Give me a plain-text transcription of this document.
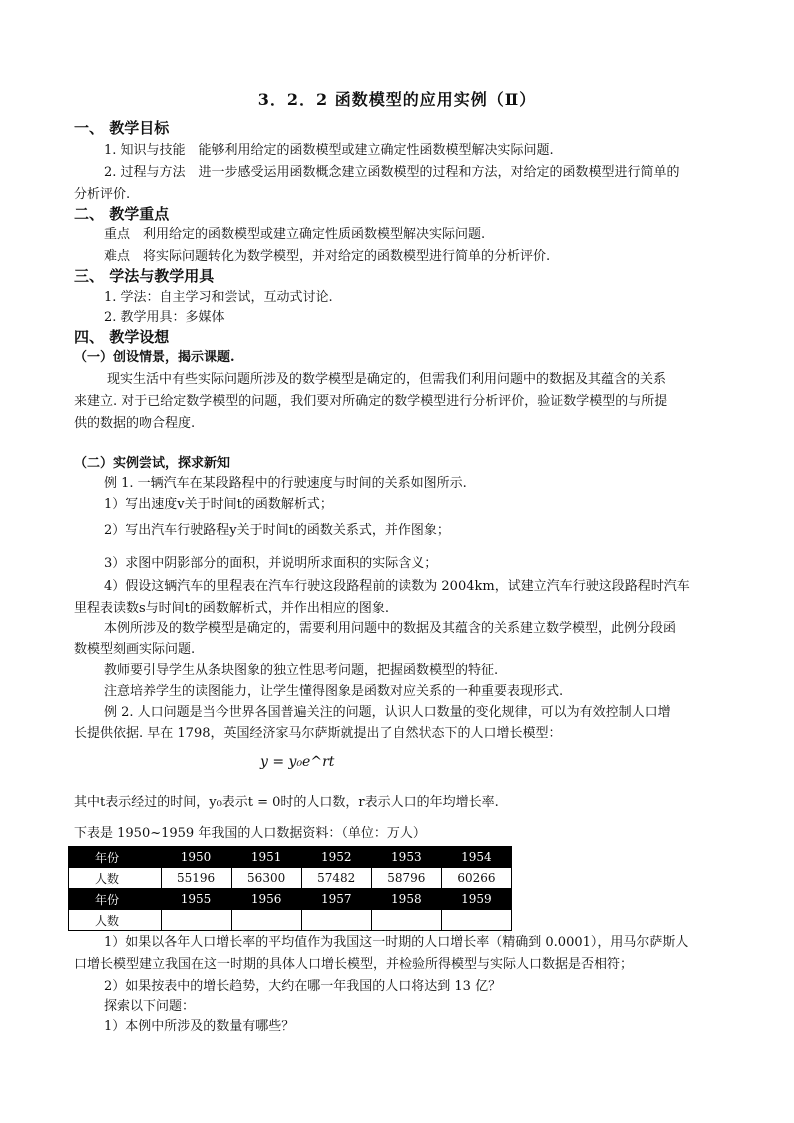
3．2．2 函数模型的应用实例（Ⅱ）
一、 教学目标
1. 知识与技能　能够利用给定的函数模型或建立确定性函数模型解决实际问题.
2. 过程与方法　进一步感受运用函数概念建立函数模型的过程和方法，对给定的函数模型进行简单的
分析评价.
二、 教学重点
重点　利用给定的函数模型或建立确定性质函数模型解决实际问题.
难点　将实际问题转化为数学模型，并对给定的函数模型进行简单的分析评价.
三、 学法与教学用具
1. 学法：自主学习和尝试，互动式讨论.
2. 教学用具：多媒体
四、 教学设想
（一）创设情景，揭示课题.
现实生活中有些实际问题所涉及的数学模型是确定的，但需我们利用问题中的数据及其蕴含的关系
来建立. 对于已给定数学模型的问题，我们要对所确定的数学模型进行分析评价，验证数学模型的与所提
供的数据的吻合程度.
（二）实例尝试，探求新知
例 1. 一辆汽车在某段路程中的行驶速度与时间的关系如图所示.
1）写出速度v关于时间t的函数解析式；
2）写出汽车行驶路程y关于时间t的函数关系式，并作图象；
3）求图中阴影部分的面积，并说明所求面积的实际含义；
4）假设这辆汽车的里程表在汽车行驶这段路程前的读数为 2004km，试建立汽车行驶这段路程时汽车
里程表读数s与时间t的函数解析式，并作出相应的图象.
本例所涉及的数学模型是确定的，需要利用问题中的数据及其蕴含的关系建立数学模型，此例分段函
数模型刻画实际问题.
教师要引导学生从条块图象的独立性思考问题，把握函数模型的特征.
注意培养学生的读图能力，让学生懂得图象是函数对应关系的一种重要表现形式.
例 2. 人口问题是当今世界各国普遍关注的问题，认识人口数量的变化规律，可以为有效控制人口增
长提供依据. 早在 1798，英国经济家马尔萨斯就提出了自然状态下的人口增长模型：
y = y₀e^rt
其中t表示经过的时间，y₀表示t = 0时的人口数，r表示人口的年均增长率.
下表是 1950~1959 年我国的人口数据资料：（单位：万人）
年份	1950	1951	1952	1953	1954
人数	55196	56300	57482	58796	60266
年份	1955	1956	1957	1958	1959
人数					
1）如果以各年人口增长率的平均值作为我国这一时期的人口增长率（精确到 0.0001），用马尔萨斯人
口增长模型建立我国在这一时期的具体人口增长模型，并检验所得模型与实际人口数据是否相符；
2）如果按表中的增长趋势，大约在哪一年我国的人口将达到 13 亿？
探索以下问题：
1）本例中所涉及的数量有哪些？
